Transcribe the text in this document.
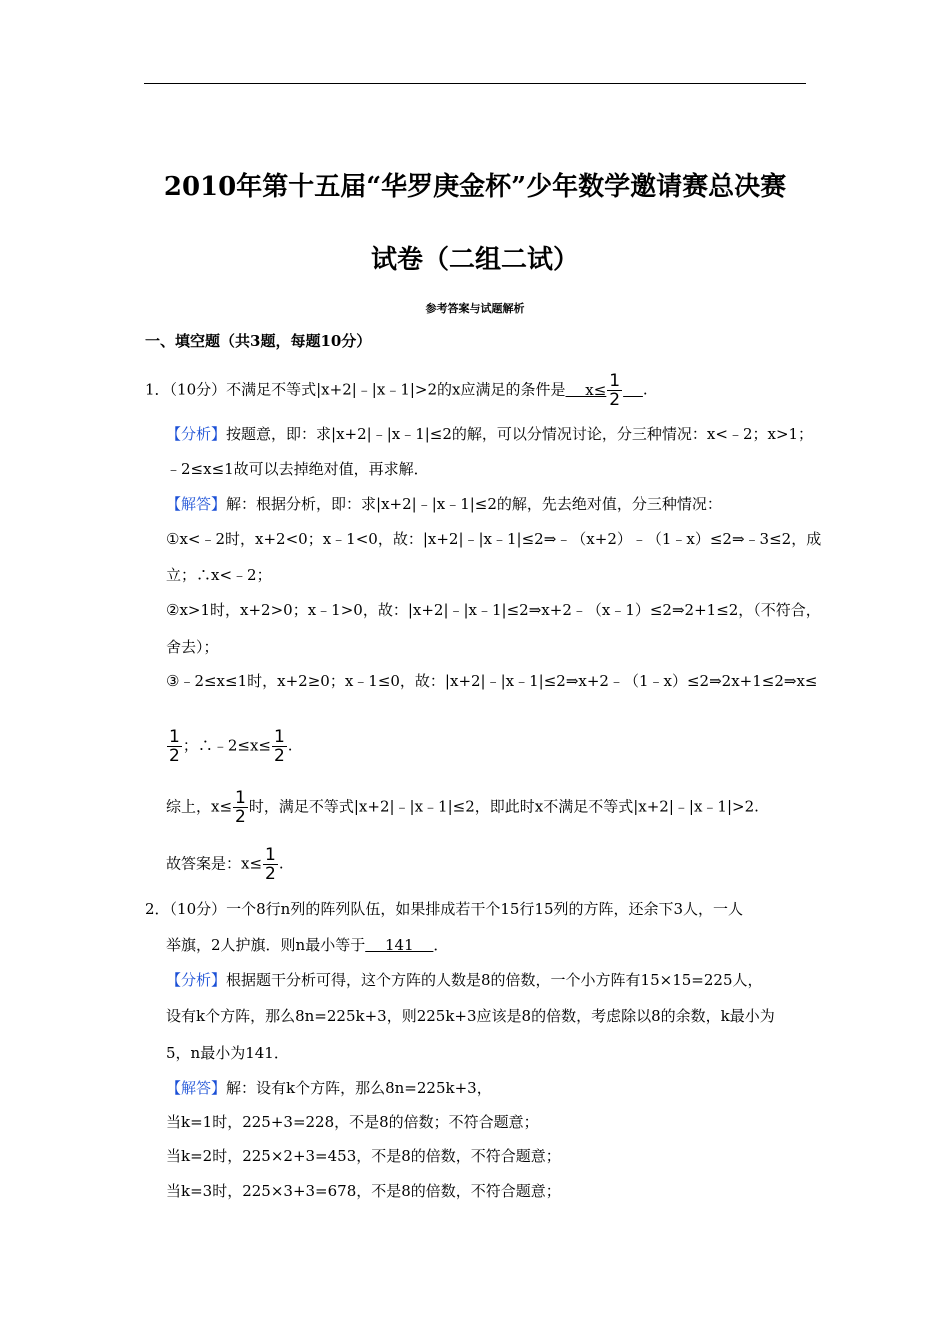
2010年第十五届“华罗庚金杯”少年数学邀请赛总决赛
试卷（二组二试）
参考答案与试题解析
一、填空题（共3题，每题10分）
1．（10分）不满足不等式|x+2|﹣|x﹣1|>2的x应满足的条件是　 $x\le \frac{1}{2}$
　 .
【分析】按题意，即：求|x+2|﹣|x﹣1|≤2的解，可以分情况讨论，分三种情况：x<﹣2；x>1；
﹣2≤x≤1故可以去掉绝对值，再求解．
【解答】解：根据分析，即：求|x+2|﹣|x﹣1|≤2的解，先去绝对值，分三种情况：
①x<﹣2时，x+2<0；x﹣1<0，故：|x+2|﹣|x﹣1|≤2⇒﹣（x+2）﹣（1﹣x）≤2⇒﹣3≤2，成
立；∴x<﹣2；
②x>1时，x+2>0；x﹣1>0，故：|x+2|﹣|x﹣1|≤2⇒x+2﹣（x﹣1）≤2⇒2+1≤2，（不符合，
舍去）；
③﹣2≤x≤1时，x+2≥0；x﹣1≤0，故：|x+2|﹣|x﹣1|≤2⇒x+2﹣（1﹣x）≤2⇒2x+1≤2⇒x≤
$\frac{1}{2}$ ；∴﹣2≤x≤ $\frac{1}{2}$ .
综上，$x\le \frac{1}{2}$ 时，满足不等式|x+2|﹣|x﹣1|≤2，即此时x不满足不等式|x+2|﹣|x﹣1|>2.
故答案是：$x\le \frac{1}{2}$ .
2．（10分）一个8行n列的阵列队伍，如果排成若干个15行15列的方阵，还余下3人，一人
举旗，2人护旗．则n最小等于　 141　 ．
【分析】根据题干分析可得，这个方阵的人数是8的倍数，一个小方阵有15×15=225人，
设有k个方阵，那么8n=225k+3，则225k+3应该是8的倍数，考虑除以8的余数，k最小为
5，n最小为141．
【解答】解：设有k个方阵，那么8n=225k+3，
当k=1时，225+3=228，不是8的倍数；不符合题意；
当k=2时，225×2+3=453，不是8的倍数，不符合题意；
当k=3时，225×3+3=678，不是8的倍数，不符合题意；
